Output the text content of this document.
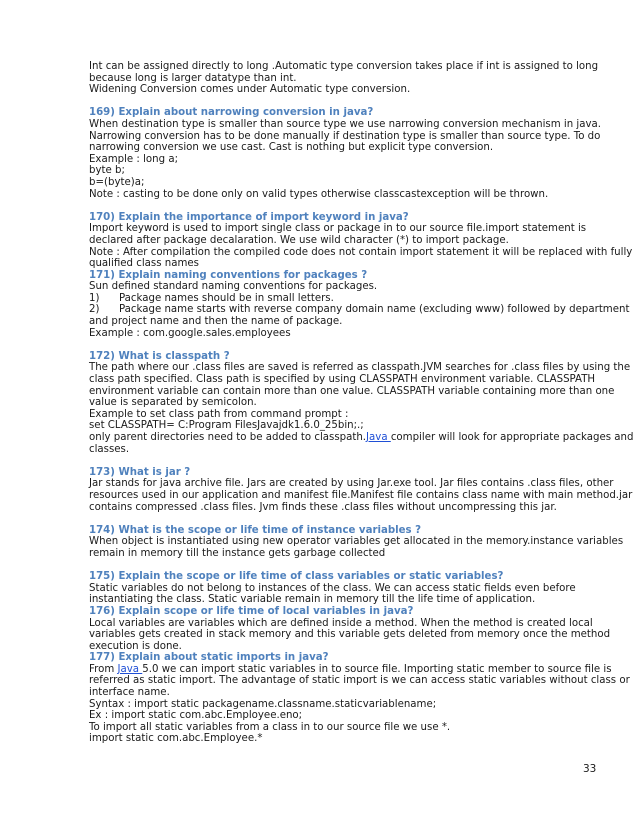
Int can be assigned directly to long .Automatic type conversion takes place if int is assigned to long
because long is larger datatype than int.
Widening Conversion comes under Automatic type conversion.
169) Explain about narrowing conversion in java?
When destination type is smaller than source type we use narrowing conversion mechanism in java.
Narrowing conversion has to be done manually if destination type is smaller than source type. To do
narrowing conversion we use cast. Cast is nothing but explicit type conversion.
Example : long a;
byte b;
b=(byte)a;
Note : casting to be done only on valid types otherwise classcastexception will be thrown.
170) Explain the importance of import keyword in java?
Import keyword is used to import single class or package in to our source file.import statement is
declared after package decalaration. We use wild character (*) to import package.
Note : After compilation the compiled code does not contain import statement it will be replaced with fully
qualified class names
171) Explain naming conventions for packages ?
Sun defined standard naming conventions for packages.
1) Package names should be in small letters.
2) Package name starts with reverse company domain name (excluding www) followed by department
and project name and then the name of package.
Example : com.google.sales.employees
172) What is classpath ?
The path where our .class files are saved is referred as classpath.JVM searches for .class files by using the
class path specified. Class path is specified by using CLASSPATH environment variable. CLASSPATH
environment variable can contain more than one value. CLASSPATH variable containing more than one
value is separated by semicolon.
Example to set class path from command prompt :
set CLASSPATH= C:Program FilesJavajdk1.6.0_25bin;.;
only parent directories need to be added to classpath.Java compiler will look for appropriate packages and
classes.
173) What is jar ?
Jar stands for java archive file. Jars are created by using Jar.exe tool. Jar files contains .class files, other
resources used in our application and manifest file.Manifest file contains class name with main method.jar
contains compressed .class files. Jvm finds these .class files without uncompressing this jar.
174) What is the scope or life time of instance variables ?
When object is instantiated using new operator variables get allocated in the memory.instance variables
remain in memory till the instance gets garbage collected
175) Explain the scope or life time of class variables or static variables?
Static variables do not belong to instances of the class. We can access static fields even before
instantiating the class. Static variable remain in memory till the life time of application.
176) Explain scope or life time of local variables in java?
Local variables are variables which are defined inside a method. When the method is created local
variables gets created in stack memory and this variable gets deleted from memory once the method
execution is done.
177) Explain about static imports in java?
From Java 5.0 we can import static variables in to source file. Importing static member to source file is
referred as static import. The advantage of static import is we can access static variables without class or
interface name.
Syntax : import static packagename.classname.staticvariablename;
Ex : import static com.abc.Employee.eno;
To import all static variables from a class in to our source file we use *.
import static com.abc.Employee.*
33
